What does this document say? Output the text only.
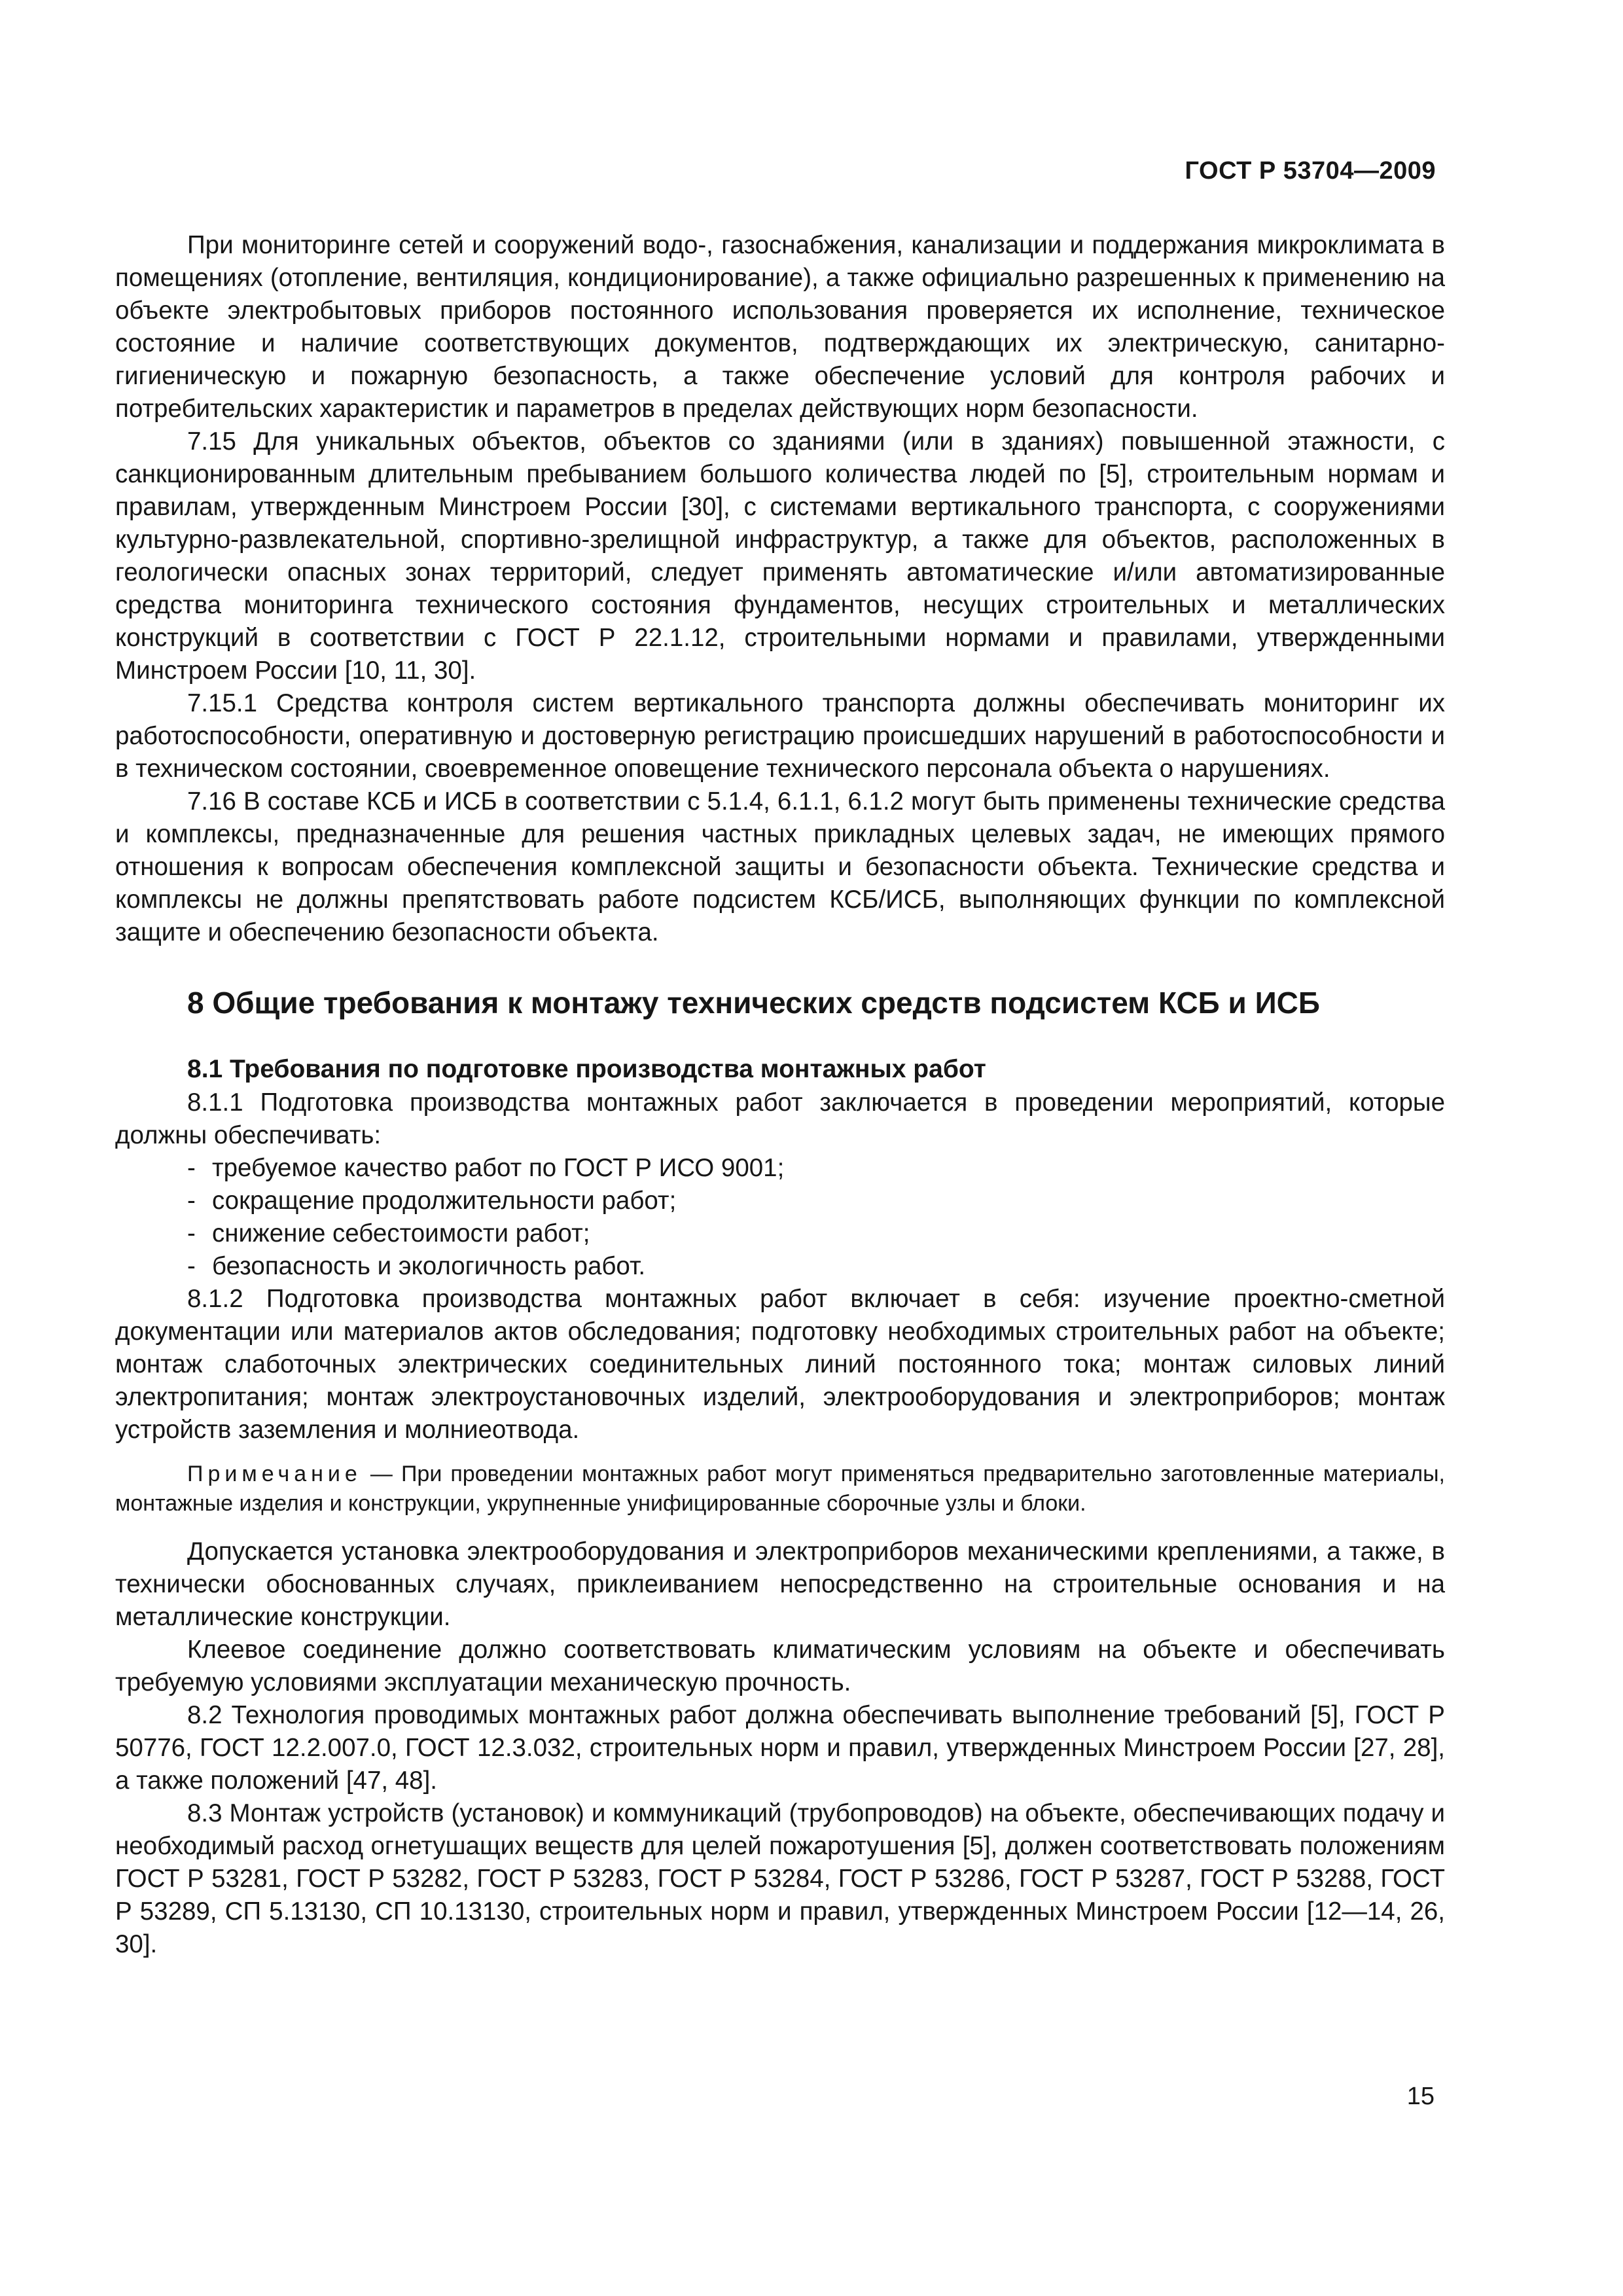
ГОСТ Р 53704—2009

При мониторинге сетей и сооружений водо-, газоснабжения, канализации и поддержания микроклимата в помещениях (отопление, вентиляция, кондиционирование), а также официально разрешенных к применению на объекте электробытовых приборов постоянного использования проверяется их исполнение, техническое состояние и наличие соответствующих документов, подтверждающих их электрическую, санитарно-гигиеническую и пожарную безопасность, а также обеспечение условий для контроля рабочих и потребительских характеристик и параметров в пределах действующих норм безопасности.

7.15 Для уникальных объектов, объектов со зданиями (или в зданиях) повышенной этажности, с санкционированным длительным пребыванием большого количества людей по [5], строительным нормам и правилам, утвержденным Минстроем России [30], с системами вертикального транспорта, с сооружениями культурно-развлекательной, спортивно-зрелищной инфраструктур, а также для объектов, расположенных в геологически опасных зонах территорий, следует применять автоматические и/или автоматизированные средства мониторинга технического состояния фундаментов, несущих строительных и металлических конструкций в соответствии с ГОСТ Р 22.1.12, строительными нормами и правилами, утвержденными Минстроем России [10, 11, 30].

7.15.1 Средства контроля систем вертикального транспорта должны обеспечивать мониторинг их работоспособности, оперативную и достоверную регистрацию происшедших нарушений в работоспособности и в техническом состоянии, своевременное оповещение технического персонала объекта о нарушениях.

7.16 В составе КСБ и ИСБ в соответствии с 5.1.4, 6.1.1, 6.1.2 могут быть применены технические средства и комплексы, предназначенные для решения частных прикладных целевых задач, не имеющих прямого отношения к вопросам обеспечения комплексной защиты и безопасности объекта. Технические средства и комплексы не должны препятствовать работе подсистем КСБ/ИСБ, выполняющих функции по комплексной защите и обеспечению безопасности объекта.

8 Общие требования к монтажу технических средств подсистем КСБ и ИСБ
8.1 Требования по подготовке производства монтажных работ

8.1.1 Подготовка производства монтажных работ заключается в проведении мероприятий, которые должны обеспечивать:

- требуемое качество работ по ГОСТ Р ИСО 9001;
- сокращение продолжительности работ;
- снижение себестоимости работ;
- безопасность и экологичность работ.

8.1.2 Подготовка производства монтажных работ включает в себя: изучение проектно-сметной документации или материалов актов обследования; подготовку необходимых строительных работ на объекте; монтаж слаботочных электрических соединительных линий постоянного тока; монтаж силовых линий электропитания; монтаж электроустановочных изделий, электрооборудования и электроприборов; монтаж устройств заземления и молниеотвода.

Примечание — При проведении монтажных работ могут применяться предварительно заготовленные материалы, монтажные изделия и конструкции, укрупненные унифицированные сборочные узлы и блоки.

Допускается установка электрооборудования и электроприборов механическими креплениями, а также, в технически обоснованных случаях, приклеиванием непосредственно на строительные основания и на металлические конструкции.

Клеевое соединение должно соответствовать климатическим условиям на объекте и обеспечивать требуемую условиями эксплуатации механическую прочность.

8.2 Технология проводимых монтажных работ должна обеспечивать выполнение требований [5], ГОСТ Р 50776, ГОСТ 12.2.007.0, ГОСТ 12.3.032, строительных норм и правил, утвержденных Минстроем России [27, 28], а также положений [47, 48].

8.3 Монтаж устройств (установок) и коммуникаций (трубопроводов) на объекте, обеспечивающих подачу и необходимый расход огнетушащих веществ для целей пожаротушения [5], должен соответствовать положениям ГОСТ Р 53281, ГОСТ Р 53282, ГОСТ Р 53283, ГОСТ Р 53284, ГОСТ Р 53286, ГОСТ Р 53287, ГОСТ Р 53288, ГОСТ Р 53289, СП 5.13130, СП 10.13130, строительных норм и правил, утвержденных Минстроем России [12—14, 26, 30].

15
